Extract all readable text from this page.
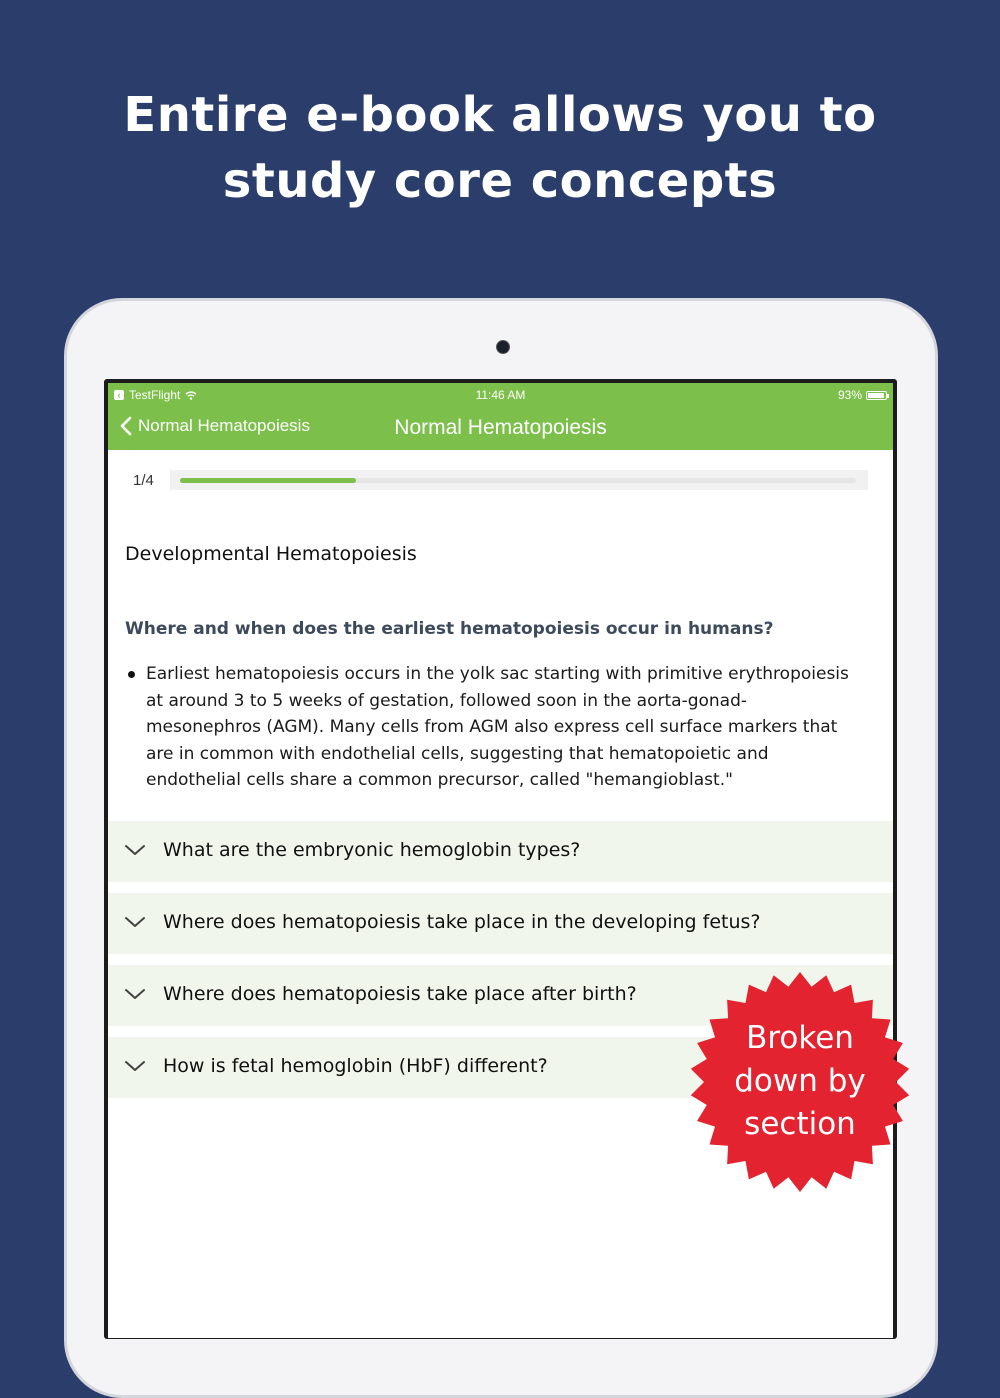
Entire e-book allows you to
study core concepts
11:46 AM
‹ TestFlight	93%
Normal Hematopoiesis	Normal Hematopoiesis
1/4
Developmental Hematopoiesis
Where and when does the earliest hematopoiesis occur in humans?
Earliest hematopoiesis occurs in the yolk sac starting with primitive erythropoiesis
at around 3 to 5 weeks of gestation, followed soon in the aorta-gonad-
mesonephros (AGM). Many cells from AGM also express cell surface markers that
are in common with endothelial cells, suggesting that hematopoietic and
endothelial cells share a common precursor, called "hemangioblast."
What are the embryonic hemoglobin types?
Where does hematopoiesis take place in the developing fetus?
Where does hematopoiesis take place after birth?
How is fetal hemoglobin (HbF) different?
Broken
down by
section
